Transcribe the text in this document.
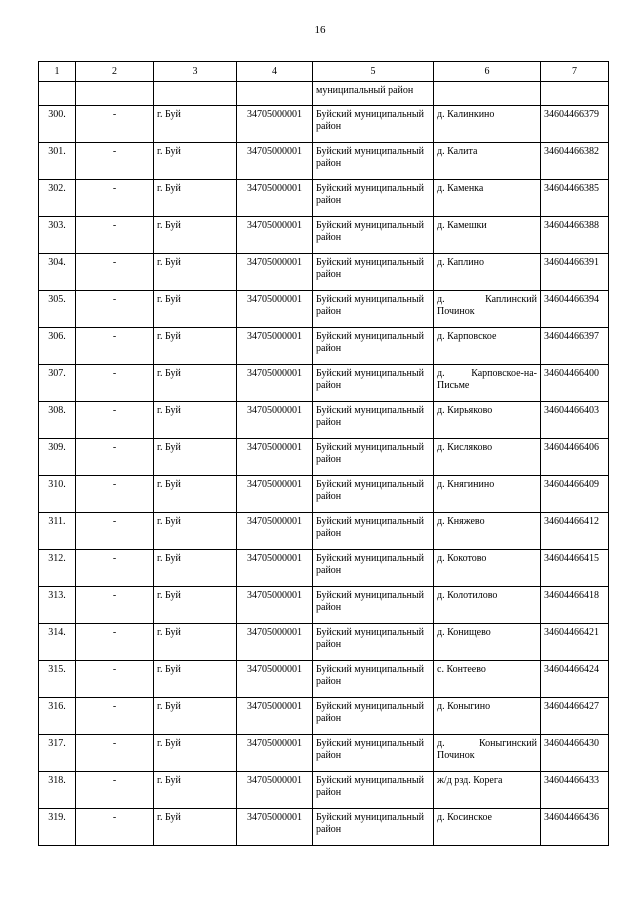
16
1	2	3	4	5	6	7
				муниципальный район		
300.	-	г. Буй	34705000001	Буйский муниципальный район	д. Калинкино	34604466379
301.	-	г. Буй	34705000001	Буйский муниципальный район	д. Калита	34604466382
302.	-	г. Буй	34705000001	Буйский муниципальный район	д. Каменка	34604466385
303.	-	г. Буй	34705000001	Буйский муниципальный район	д. Камешки	34604466388
304.	-	г. Буй	34705000001	Буйский муниципальный район	д. Каплино	34604466391
305.	-	г. Буй	34705000001	Буйский муниципальный район	д. Каплинский Починок	34604466394
306.	-	г. Буй	34705000001	Буйский муниципальный район	д. Карповское	34604466397
307.	-	г. Буй	34705000001	Буйский муниципальный район	д. Карповское-на-Письме	34604466400
308.	-	г. Буй	34705000001	Буйский муниципальный район	д. Кирьяково	34604466403
309.	-	г. Буй	34705000001	Буйский муниципальный район	д. Кисляково	34604466406
310.	-	г. Буй	34705000001	Буйский муниципальный район	д. Княгинино	34604466409
311.	-	г. Буй	34705000001	Буйский муниципальный район	д. Княжево	34604466412
312.	-	г. Буй	34705000001	Буйский муниципальный район	д. Кокотово	34604466415
313.	-	г. Буй	34705000001	Буйский муниципальный район	д. Колотилово	34604466418
314.	-	г. Буй	34705000001	Буйский муниципальный район	д. Конищево	34604466421
315.	-	г. Буй	34705000001	Буйский муниципальный район	с. Контеево	34604466424
316.	-	г. Буй	34705000001	Буйский муниципальный район	д. Коныгино	34604466427
317.	-	г. Буй	34705000001	Буйский муниципальный район	д. Коныгинский Починок	34604466430
318.	-	г. Буй	34705000001	Буйский муниципальный район	ж/д рзд. Корега	34604466433
319.	-	г. Буй	34705000001	Буйский муниципальный район	д. Косинское	34604466436
